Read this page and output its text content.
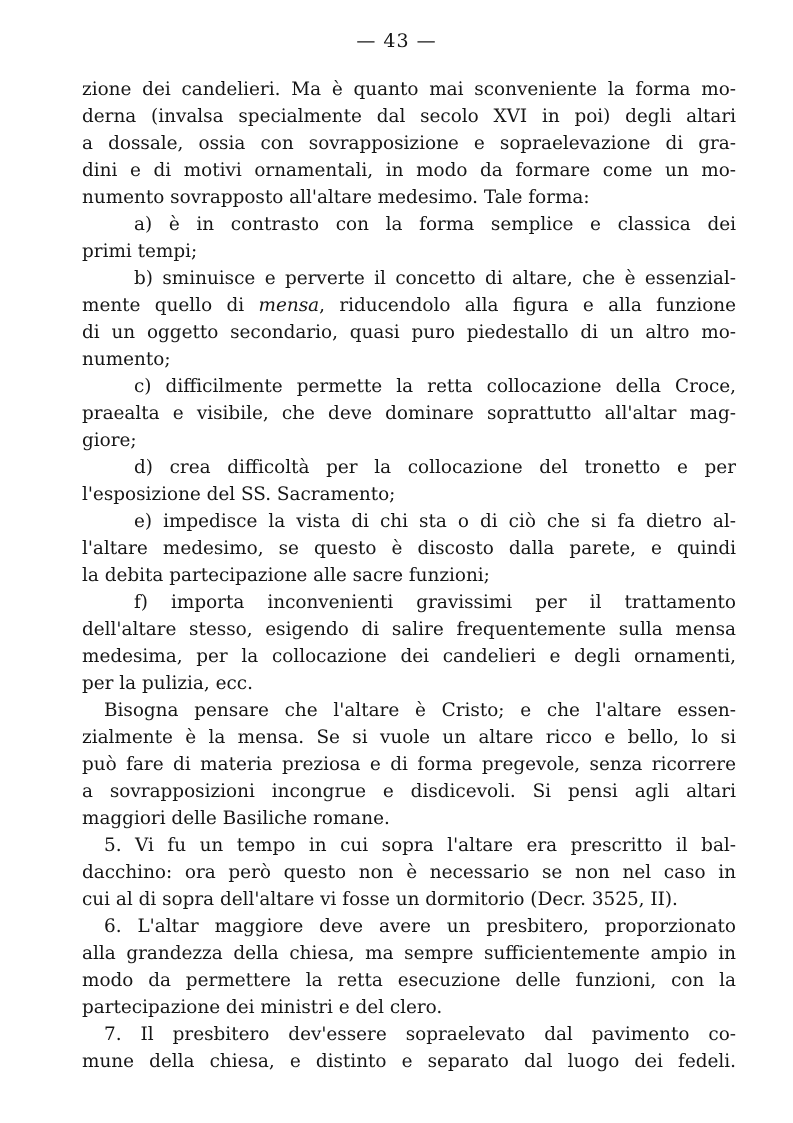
— 43 —
zione dei candelieri. Ma è quanto mai sconveniente la forma mo-
derna (invalsa specialmente dal secolo XVI in poi) degli altari
a dossale, ossia con sovrapposizione e sopraelevazione di gra-
dini e di motivi ornamentali, in modo da formare come un mo-
numento sovrapposto all'altare medesimo. Tale forma:
a) è in contrasto con la forma semplice e classica dei
primi tempi;
b) sminuisce e perverte il concetto di altare, che è essenzial-
mente quello di mensa, riducendolo alla figura e alla funzione
di un oggetto secondario, quasi puro piedestallo di un altro mo-
numento;
c) difficilmente permette la retta collocazione della Croce,
praealta e visibile, che deve dominare soprattutto all'altar mag-
giore;
d) crea difficoltà per la collocazione del tronetto e per
l'esposizione del SS. Sacramento;
e) impedisce la vista di chi sta o di ciò che si fa dietro al-
l'altare medesimo, se questo è discosto dalla parete, e quindi
la debita partecipazione alle sacre funzioni;
f) importa inconvenienti gravissimi per il trattamento
dell'altare stesso, esigendo di salire frequentemente sulla mensa
medesima, per la collocazione dei candelieri e degli ornamenti,
per la pulizia, ecc.
Bisogna pensare che l'altare è Cristo; e che l'altare essen-
zialmente è la mensa. Se si vuole un altare ricco e bello, lo si
può fare di materia preziosa e di forma pregevole, senza ricorrere
a sovrapposizioni incongrue e disdicevoli. Si pensi agli altari
maggiori delle Basiliche romane.
5. Vi fu un tempo in cui sopra l'altare era prescritto il bal-
dacchino: ora però questo non è necessario se non nel caso in
cui al di sopra dell'altare vi fosse un dormitorio (Decr. 3525, II).
6. L'altar maggiore deve avere un presbitero, proporzionato
alla grandezza della chiesa, ma sempre sufficientemente ampio in
modo da permettere la retta esecuzione delle funzioni, con la
partecipazione dei ministri e del clero.
7. Il presbitero dev'essere sopraelevato dal pavimento co-
mune della chiesa, e distinto e separato dal luogo dei fedeli.
